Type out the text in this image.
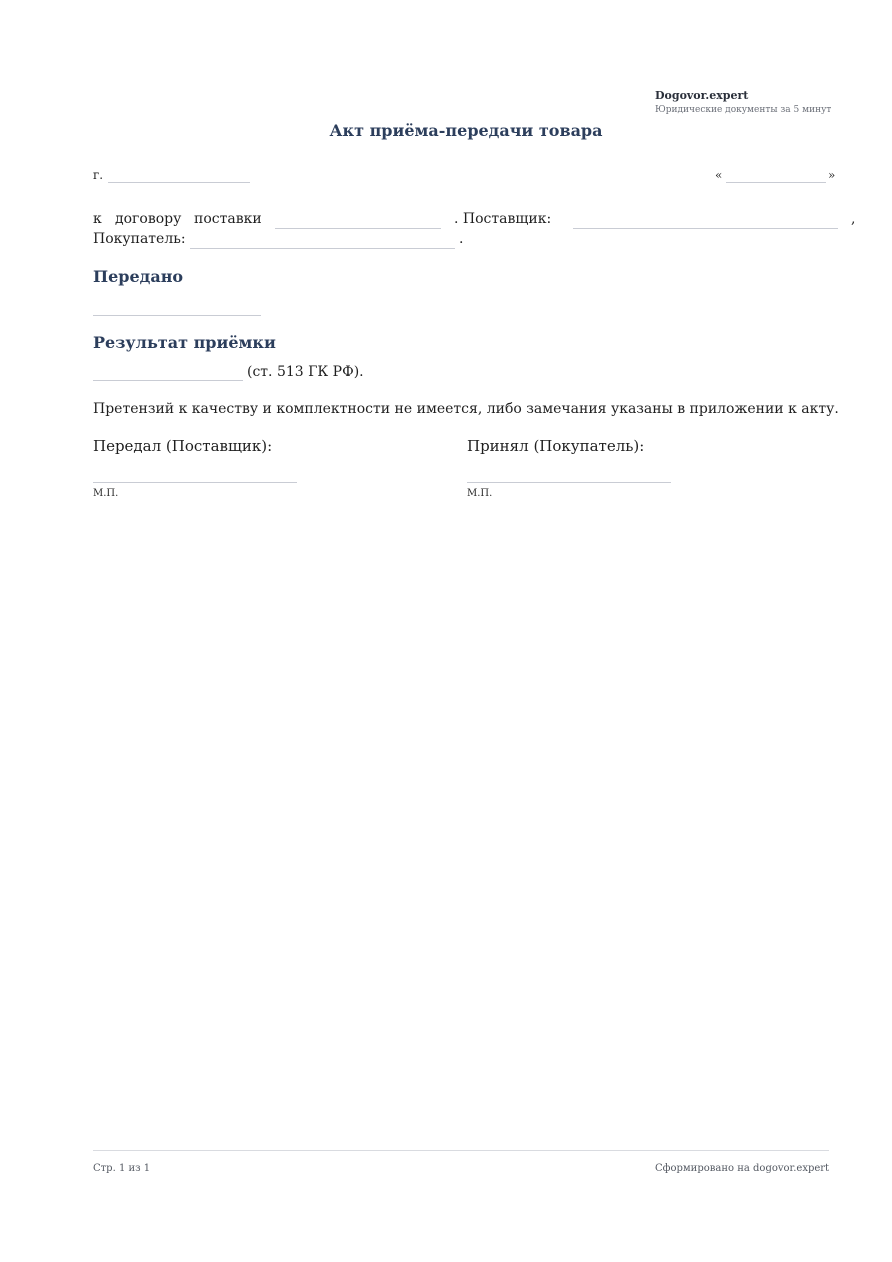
Dogovor.expert
Юридические документы за 5 минут
Акт приёма-передачи товара
г.	«	»
к договору поставки	. Поставщик:	,
Покупатель:	.
Передано
Результат приёмки
(ст. 513 ГК РФ).
Претензий к качеству и комплектности не имеется, либо замечания указаны в приложении к акту.
Передал (Поставщик):	Принял (Покупатель):
М.П.	М.П.
Стр. 1 из 1	Сформировано на dogovor.expert
